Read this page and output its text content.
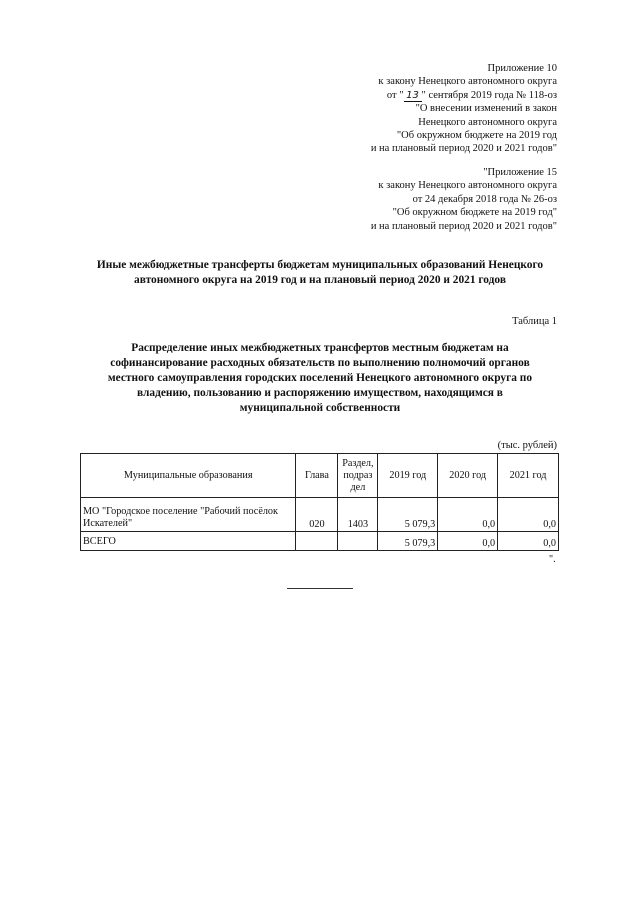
Приложение 10
к закону Ненецкого автономного округа
от " 13 " сентября 2019 года № 118-оз
"О внесении изменений в закон
Ненецкого автономного округа
"Об окружном бюджете на 2019 год
и на плановый период 2020 и 2021 годов"
"Приложение 15
к закону Ненецкого автономного округа
от 24 декабря 2018 года № 26-оз
"Об окружном бюджете на 2019 год"
и на плановый период 2020 и 2021 годов"
Иные межбюджетные трансферты бюджетам муниципальных образований Ненецкого
автономного округа на 2019 год и на плановый период 2020 и 2021 годов
Таблица 1
Распределение иных межбюджетных трансфертов местным бюджетам на
софинансирование расходных обязательств по выполнению полномочий органов
местного самоуправления городских поселений Ненецкого автономного округа по
владению, пользованию и распоряжению имуществом, находящимся в
муниципальной собственности
(тыс. рублей)
Муниципальные образования	Глава	Раздел,
подраз
дел	2019 год	2020 год	2021 год

МО "Городское поселение "Рабочий посёлок
Искателей"	020	1403	5 079,3	0,0	0,0
ВСЕГО			5 079,3	0,0	0,0
".
